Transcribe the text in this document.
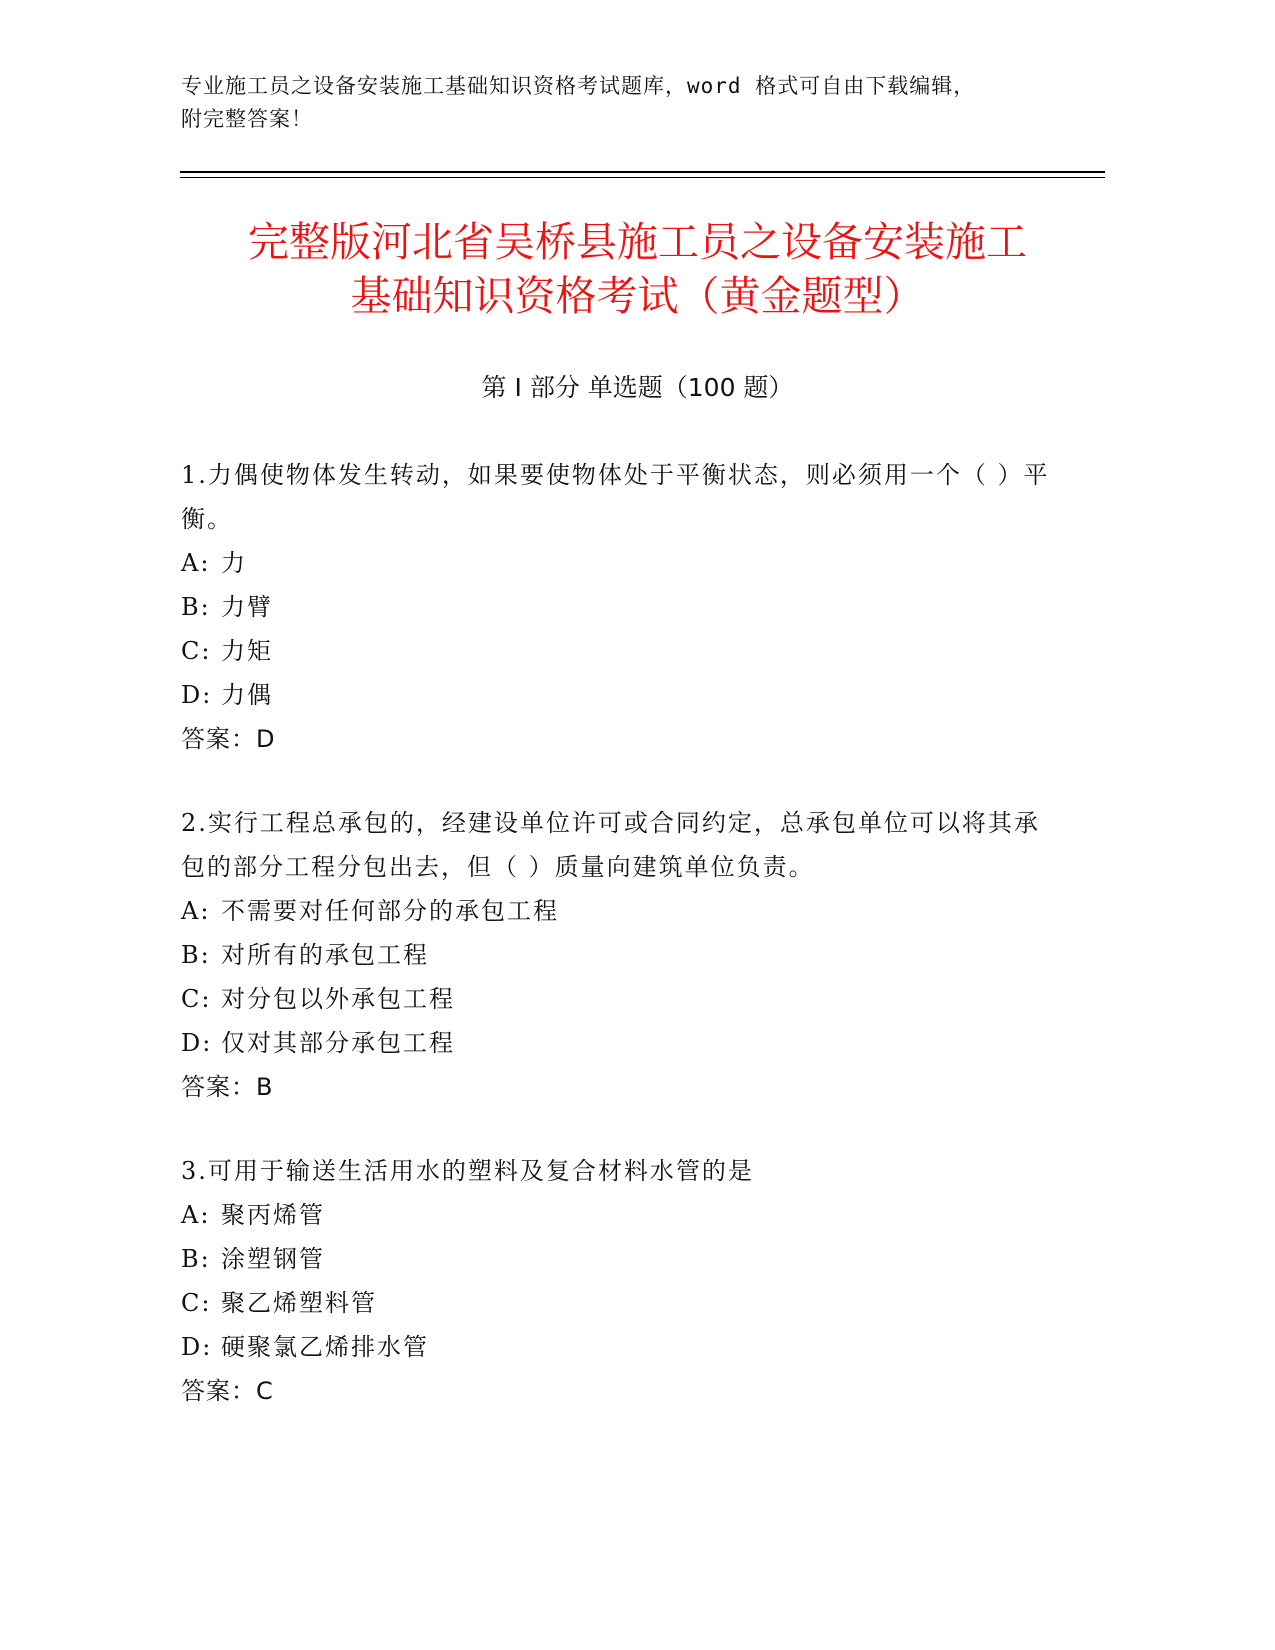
专业施工员之设备安装施工基础知识资格考试题库，word 格式可自由下载编辑，
附完整答案！
完整版河北省吴桥县施工员之设备安装施工
基础知识资格考试（黄金题型）
第 I 部分 单选题（100 题）
1.力偶使物体发生转动，如果要使物体处于平衡状态，则必须用一个（ ）平衡。
A: 力
B: 力臂
C: 力矩
D: 力偶
答案：D
2.实行工程总承包的，经建设单位许可或合同约定，总承包单位可以将其承包的部分工程分包出去，但（ ）质量向建筑单位负责。
A: 不需要对任何部分的承包工程
B: 对所有的承包工程
C: 对分包以外承包工程
D: 仅对其部分承包工程
答案：B
3.可用于输送生活用水的塑料及复合材料水管的是
A: 聚丙烯管
B: 涂塑钢管
C: 聚乙烯塑料管
D: 硬聚氯乙烯排水管
答案：C
